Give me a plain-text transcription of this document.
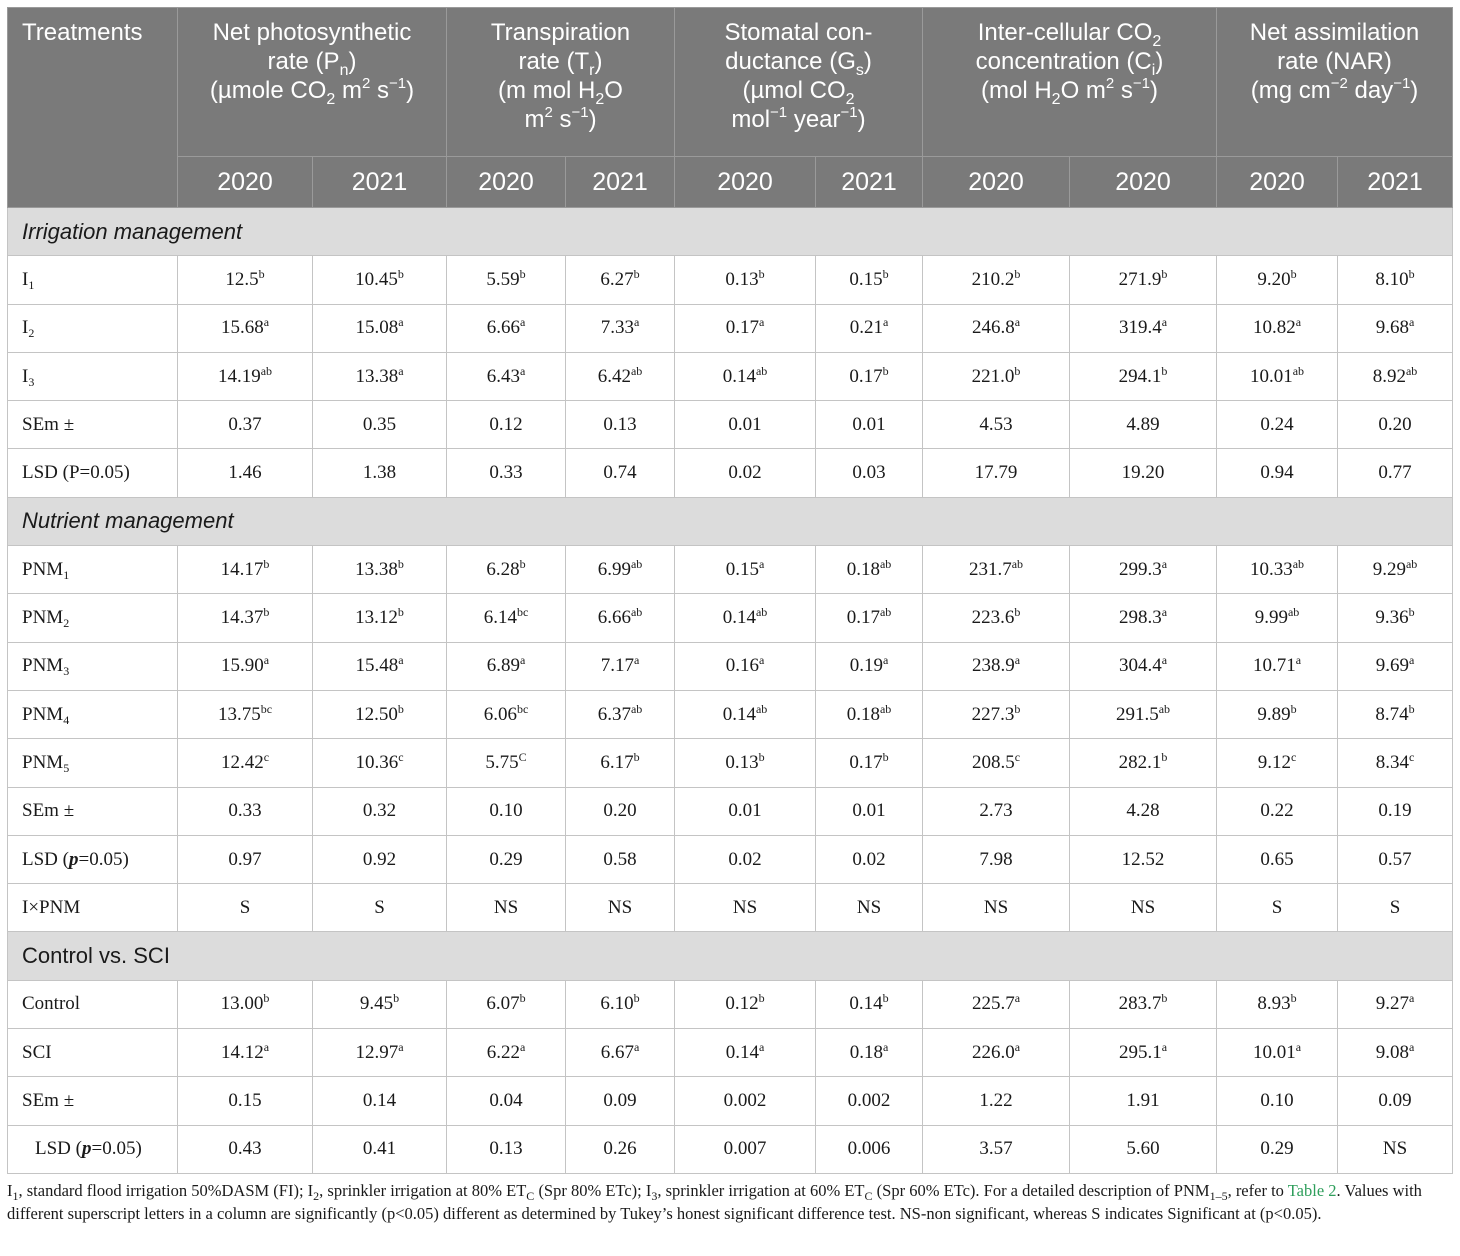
Treatments	Net photosynthetic
rate $(P_n)$
(µmole $CO_2$ $m^2$ $s^{-1}$)		Transpiration
rate $(T_r)$
(m mol $H_2O$
$m^2$ $s^{-1}$)		Stomatal con-
ductance $(G_s)$
(µmol $CO_2$
mol$^{-1}$ year$^{-1}$)		Inter-cellular $CO_2$
concentration $(C_i)$
(mol $H_2O$ $m^2$ $s^{-1}$)		Net assimilation
rate (NAR)
(mg $cm^{-2}$ day$^{-1}$)	
	2020	2021	2020	2021	2020	2021	2020	2020	2020	2021
Irrigation management										
$I_1$	12.5$^b$	10.45$^b$	5.59$^b$	6.27$^b$	0.13$^b$	0.15$^b$	210.2$^b$	271.9$^b$	9.20$^b$	8.10$^b$
$I_2$	15.68$^a$	15.08$^a$	6.66$^a$	7.33$^a$	0.17$^a$	0.21$^a$	246.8$^a$	319.4$^a$	10.82$^a$	9.68$^a$
$I_3$	14.19$^{ab}$	13.38$^a$	6.43$^a$	6.42$^{ab}$	0.14$^{ab}$	0.17$^b$	221.0$^b$	294.1$^b$	10.01$^{ab}$	8.92$^{ab}$
SEm ±	0.37	0.35	0.12	0.13	0.01	0.01	4.53	4.89	0.24	0.20
LSD (P=0.05)	1.46	1.38	0.33	0.74	0.02	0.03	17.79	19.20	0.94	0.77
Nutrient management										
$PNM_1$	14.17$^b$	13.38$^b$	6.28$^b$	6.99$^{ab}$	0.15$^a$	0.18$^{ab}$	231.7$^{ab}$	299.3$^a$	10.33$^{ab}$	9.29$^{ab}$
$PNM_2$	14.37$^b$	13.12$^b$	6.14$^{bc}$	6.66$^{ab}$	0.14$^{ab}$	0.17$^{ab}$	223.6$^b$	298.3$^a$	9.99$^{ab}$	9.36$^b$
$PNM_3$	15.90$^a$	15.48$^a$	6.89$^a$	7.17$^a$	0.16$^a$	0.19$^a$	238.9$^a$	304.4$^a$	10.71$^a$	9.69$^a$
$PNM_4$	13.75$^{bc}$	12.50$^b$	6.06$^{bc}$	6.37$^{ab}$	0.14$^{ab}$	0.18$^{ab}$	227.3$^b$	291.5$^{ab}$	9.89$^b$	8.74$^b$
$PNM_5$	12.42$^c$	10.36$^c$	$5.75^C$	6.17$^b$	0.13$^b$	0.17$^b$	208.5$^c$	282.1$^b$	9.12$^c$	8.34$^c$
SEm ±	0.33	0.32	0.10	0.20	0.01	0.01	2.73	4.28	0.22	0.19
LSD (p=0.05)	0.97	0.92	0.29	0.58	0.02	0.02	7.98	12.52	0.65	0.57
I×PNM	S	S	NS	NS	NS	NS	NS	NS	S	S
Control vs. SCI										
Control	13.00$^b$	9.45$^b$	6.07$^b$	6.10$^b$	0.12$^b$	0.14$^b$	225.7$^a$	283.7$^b$	8.93$^b$	9.27$^a$
SCI	14.12$^a$	12.97$^a$	6.22$^a$	6.67$^a$	0.14$^a$	0.18$^a$	226.0$^a$	295.1$^a$	10.01$^a$	9.08$^a$
SEm ±	0.15	0.14	0.04	0.09	0.002	0.002	1.22	1.91	0.10	0.09
LSD (p=0.05)	0.43	0.41	0.13	0.26	0.007	0.006	3.57	5.60	0.29	NS
$I_1$, standard flood irrigation 50%DASM (FI); $I_2$, sprinkler irrigation at 80% $ET_C$ (Spr 80% ETc); $I_3$, sprinkler irrigation at 60% $ET_C$ (Spr 60% ETc). For a detailed description of $PNM_{1-5}$, refer to Table 2. Values with different superscript letters in a column are significantly (p<0.05) different as determined by Tukey’s honest significant difference test. NS-non significant, whereas S indicates Significant at (p<0.05).
